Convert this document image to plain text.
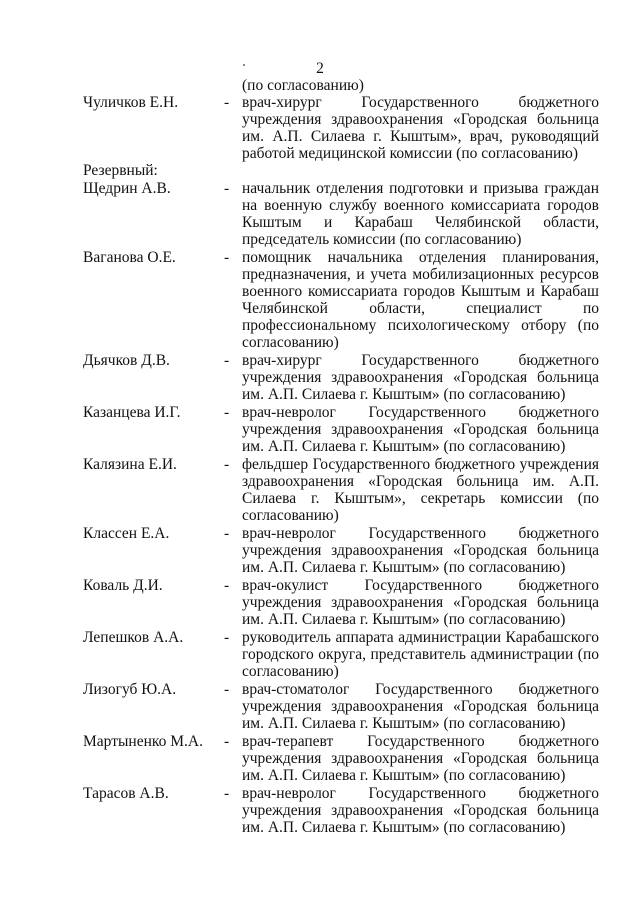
2
(по согласованию)
Чуличков Е.Н.	- врач-хирург Государственного бюджетного учреждения здравоохранения «Городская больница им. А.П. Силаева г. Кыштым», врач, руководящий работой медицинской комиссии (по согласованию)
Резервный:
Щедрин А.В.	- начальник отделения подготовки и призыва граждан на военную службу военного комиссариата городов Кыштым и Карабаш Челябинской области, председатель комиссии (по согласованию)
Ваганова О.Е.	- помощник начальника отделения планирования, предназначения, и учета мобилизационных ресурсов военного комиссариата городов Кыштым и Карабаш Челябинской области, специалист по профессиональному психологическому отбору (по согласованию)
Дьячков Д.В.	- врач-хирург Государственного бюджетного учреждения здравоохранения «Городская больница им. А.П. Силаева г. Кыштым» (по согласованию)
Казанцева И.Г.	- врач-невролог Государственного бюджетного учреждения здравоохранения «Городская больница им. А.П. Силаева г. Кыштым» (по согласованию)
Калязина Е.И.	- фельдшер Государственного бюджетного учреждения здравоохранения «Городская больница им. А.П. Силаева г. Кыштым», секретарь комиссии (по согласованию)
Классен Е.А.	- врач-невролог Государственного бюджетного учреждения здравоохранения «Городская больница им. А.П. Силаева г. Кыштым» (по согласованию)
Коваль Д.И.	- врач-окулист Государственного бюджетного учреждения здравоохранения «Городская больница им. А.П. Силаева г. Кыштым» (по согласованию)
Лепешков А.А.	- руководитель аппарата администрации Карабашского городского округа, представитель администрации (по согласованию)
Лизогуб Ю.А.	- врач-стоматолог Государственного бюджетного учреждения здравоохранения «Городская больница им. А.П. Силаева г. Кыштым» (по согласованию)
Мартыненко М.А. - врач-терапевт Государственного бюджетного учреждения здравоохранения «Городская больница им. А.П. Силаева г. Кыштым» (по согласованию)
Тарасов А.В.	- врач-невролог Государственного бюджетного учреждения здравоохранения «Городская больница им. А.П. Силаева г. Кыштым» (по согласованию)
